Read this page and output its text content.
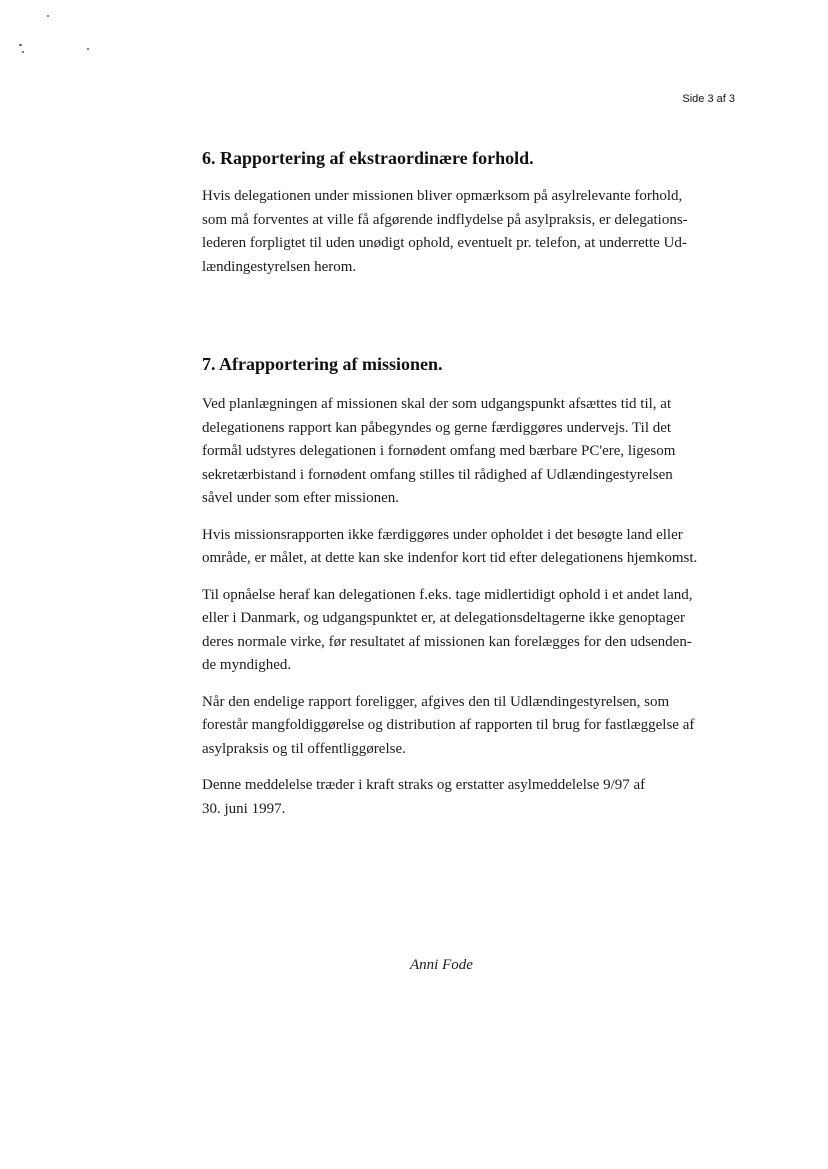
Side 3 af 3
6. Rapportering af ekstraordinære forhold.

Hvis delegationen under missionen bliver opmærksom på asylrelevante forhold,
som må forventes at ville få afgørende indflydelse på asylpraksis, er delegations-
lederen forpligtet til uden unødigt ophold, eventuelt pr. telefon, at underrette Ud-
lændingestyrelsen herom.

7. Afrapportering af missionen.

Ved planlægningen af missionen skal der som udgangspunkt afsættes tid til, at
delegationens rapport kan påbegyndes og gerne færdiggøres undervejs. Til det
formål udstyres delegationen i fornødent omfang med bærbare PC'ere, ligesom
sekretærbistand i fornødent omfang stilles til rådighed af Udlændingestyrelsen
såvel under som efter missionen.

Hvis missionsrapporten ikke færdiggøres under opholdet i det besøgte land eller
område, er målet, at dette kan ske indenfor kort tid efter delegationens hjemkomst.

Til opnåelse heraf kan delegationen f.eks. tage midlertidigt ophold i et andet land,
eller i Danmark, og udgangspunktet er, at delegationsdeltagerne ikke genoptager
deres normale virke, før resultatet af missionen kan forelægges for den udsenden-
de myndighed.

Når den endelige rapport foreligger, afgives den til Udlændingestyrelsen, som
forestår mangfoldiggørelse og distribution af rapporten til brug for fastlæggelse af
asylpraksis og til offentliggørelse.

Denne meddelelse træder i kraft straks og erstatter asylmeddelelse 9/97 af
30. juni 1997.

Anni Fode
